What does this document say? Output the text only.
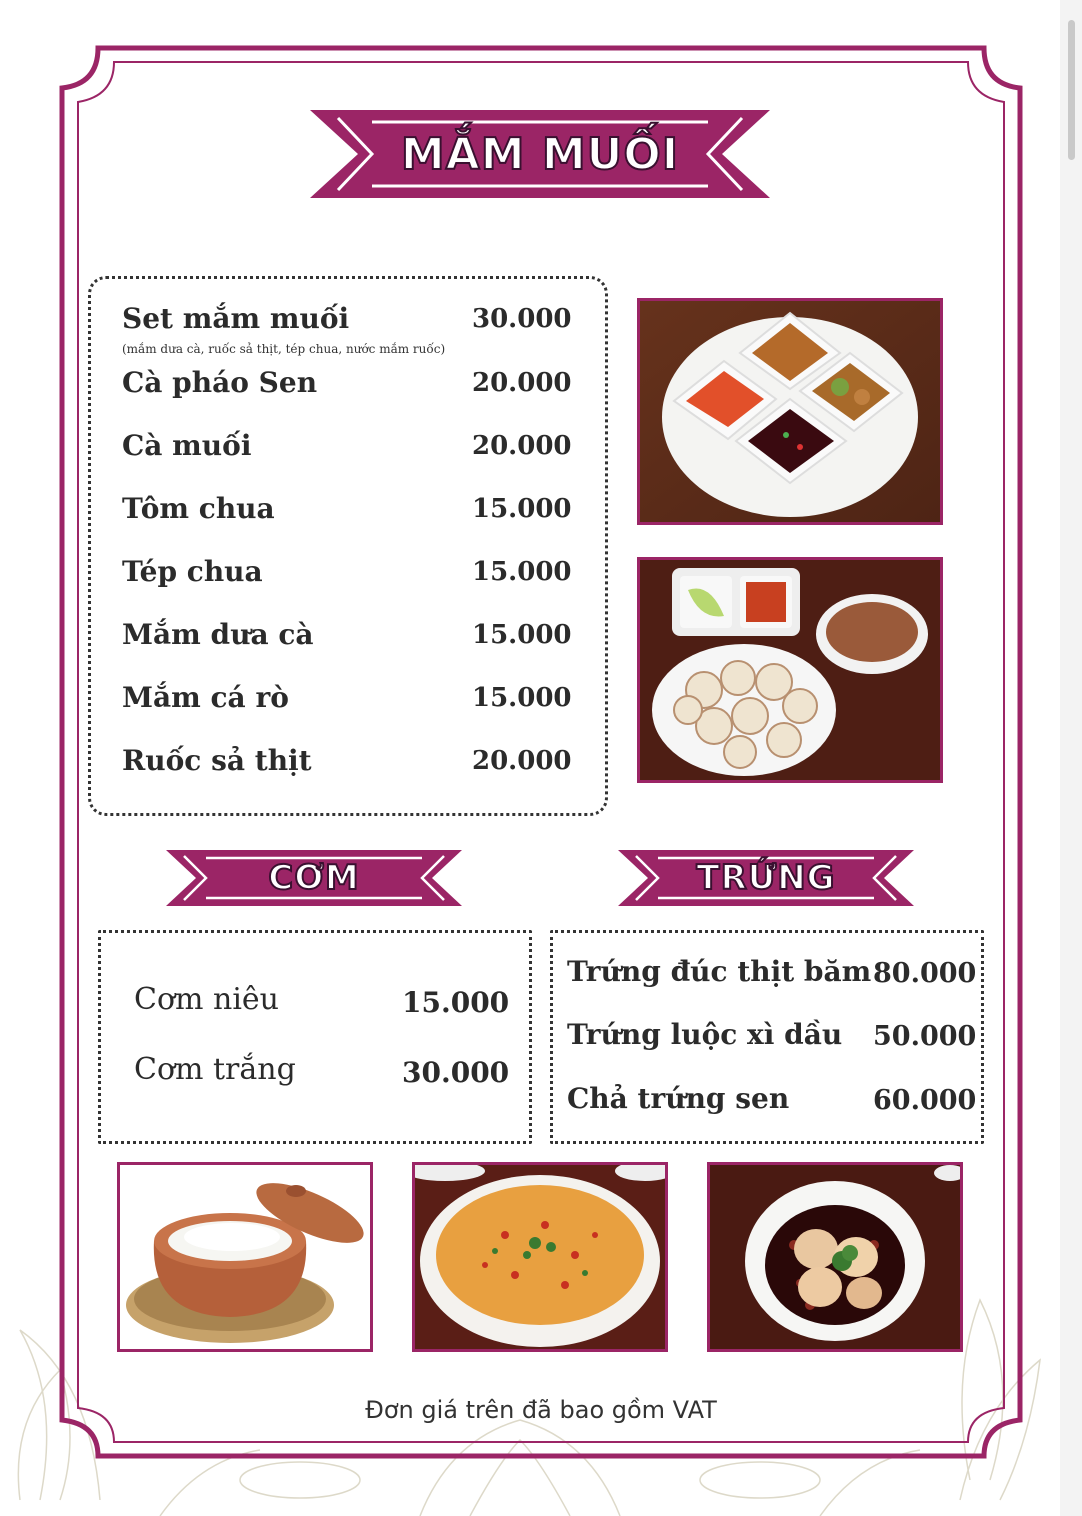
MẮM MUỐI
Set mắm muối	30.000
(mắm dưa cà, ruốc sả thịt, tép chua, nước mắm ruốc)
Cà pháo Sen	20.000
Cà muối	20.000
Tôm chua	15.000
Tép chua	15.000
Mắm dưa cà	15.000
Mắm cá rò	15.000
Ruốc sả thịt	20.000
CƠM	TRỨNG
Cơm niêu	15.000
Cơm trắng	30.000
Trứng đúc thịt băm 80.000
Trứng luộc xì dầu 50.000
Chả trứng sen	60.000
Đơn giá trên đã bao gồm VAT
